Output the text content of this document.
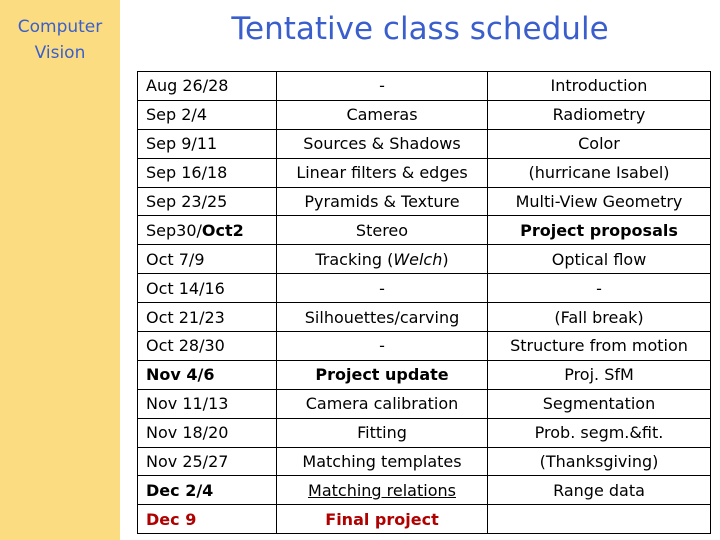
Computer
Vision
Tentative class schedule
Aug 26/28	-	Introduction
Sep 2/4	Cameras	Radiometry
Sep 9/11	Sources & Shadows	Color
Sep 16/18	Linear filters & edges	(hurricane Isabel)
Sep 23/25	Pyramids & Texture	Multi-View Geometry
Sep30/Oct2	Stereo	Project proposals
Oct 7/9	Tracking (Welch)	Optical flow
Oct 14/16	-	-
Oct 21/23	Silhouettes/carving	(Fall break)
Oct 28/30	-	Structure from motion
Nov 4/6	Project update	Proj. SfM
Nov 11/13	Camera calibration	Segmentation
Nov 18/20	Fitting	Prob. segm.&fit.
Nov 25/27	Matching templates	(Thanksgiving)
Dec 2/4	Matching relations	Range data
Dec 9	Final project	
